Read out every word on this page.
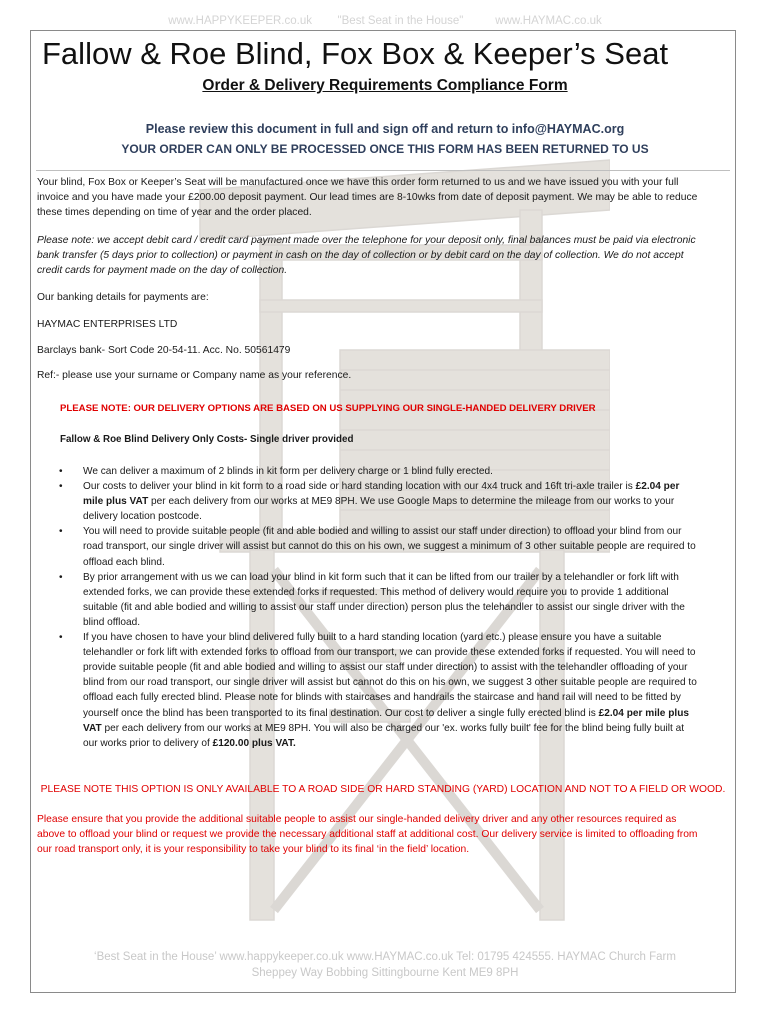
www.HAPPYKEEPER.co.uk        "Best Seat in the House"          www.HAYMAC.co.uk
Fallow & Roe Blind, Fox Box & Keeper’s Seat
Order & Delivery Requirements Compliance Form
Please review this document in full and sign off and return to info@HAYMAC.org
YOUR ORDER CAN ONLY BE PROCESSED ONCE THIS FORM HAS BEEN RETURNED TO US
Your blind, Fox Box or Keeper’s Seat will be manufactured once we have this order form returned to us and we have issued you with your full invoice and you have made your £200.00 deposit payment. Our lead times are 8-10wks from date of deposit payment. We may be able to reduce these times depending on time of year and the order placed.
Please note: we accept debit card / credit card payment made over the telephone for your deposit only, final balances must be paid via electronic bank transfer (5 days prior to collection) or payment in cash on the day of collection or by debit card on the day of collection. We do not accept credit cards for payment made on the day of collection.
Our banking details for payments are:
HAYMAC ENTERPRISES LTD
Barclays bank- Sort Code 20-54-11. Acc. No. 50561479
Ref:- please use your surname or Company name as your reference.
PLEASE NOTE: OUR DELIVERY OPTIONS ARE BASED ON US SUPPLYING OUR SINGLE-HANDED DELIVERY DRIVER
Fallow & Roe Blind Delivery Only Costs- Single driver provided
• We can deliver a maximum of 2 blinds in kit form per delivery charge or 1 blind fully erected.
• Our costs to deliver your blind in kit form to a road side or hard standing location with our 4x4 truck and 16ft tri-axle trailer is £2.04 per mile plus VAT per each delivery from our works at ME9 8PH. We use Google Maps to determine the mileage from our works to your delivery location postcode.
• You will need to provide suitable people (fit and able bodied and willing to assist our staff under direction) to offload your blind from our road transport, our single driver will assist but cannot do this on his own, we suggest a minimum of 3 other suitable people are required to offload each blind.
• By prior arrangement with us we can load your blind in kit form such that it can be lifted from our trailer by a telehandler or fork lift with extended forks, we can provide these extended forks if requested. This method of delivery would require you to provide 1 additional suitable (fit and able bodied and willing to assist our staff under direction) person plus the telehandler to assist our single driver with the blind offload.
• If you have chosen to have your blind delivered fully built to a hard standing location (yard etc.) please ensure you have a suitable telehandler or fork lift with extended forks to offload from our transport, we can provide these extended forks if requested. You will need to provide suitable people (fit and able bodied and willing to assist our staff under direction) to assist with the telehandler offloading of your blind from our road transport, our single driver will assist but cannot do this on his own, we suggest 3 other suitable people are required to offload each fully erected blind. Please note for blinds with staircases and handrails the staircase and hand rail will need to be fitted by yourself once the blind has been transported to its final destination. Our cost to deliver a single fully erected blind is £2.04 per mile plus VAT per each delivery from our works at ME9 8PH. You will also be charged our 'ex. works fully built' fee for the blind being fully built at our works prior to delivery of £120.00 plus VAT.
PLEASE NOTE THIS OPTION IS ONLY AVAILABLE TO A ROAD SIDE OR HARD STANDING (YARD) LOCATION AND NOT TO A FIELD OR WOOD.
Please ensure that you provide the additional suitable people to assist our single-handed delivery driver and any other resources required as above to offload your blind or request we provide the necessary additional staff at additional cost. Our delivery service is limited to offloading from our road transport only, it is your responsibility to take your blind to its final ‘in the field’ location.
‘Best Seat in the House’ www.happykeeper.co.uk www.HAYMAC.co.uk Tel: 01795 424555. HAYMAC Church Farm
Sheppey Way Bobbing Sittingbourne Kent ME9 8PH
